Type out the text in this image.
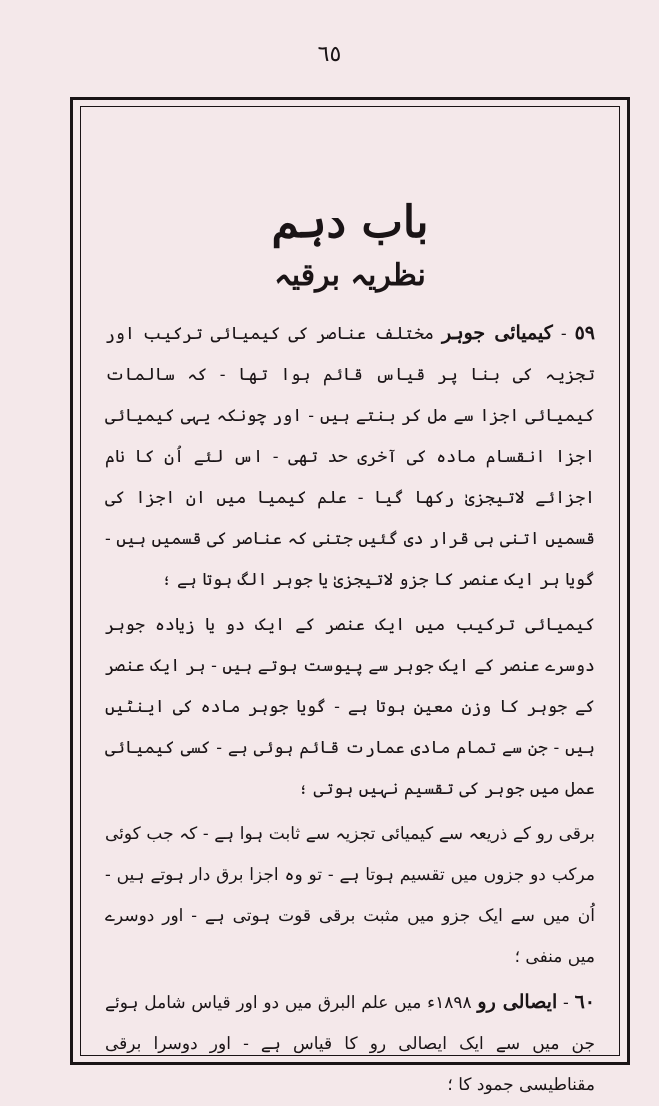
٦٥
باب دہم
نظریہ برقیہ

٥٩ - کیمیائی جوہر مختلف عناصر کی کیمیائی ترکیب اور تجزیہ کی بنا پر قیاس قائم ہوا تھا - کہ سالمات کیمیائی اجزا سے مل کر بنتے ہیں - اور چونکہ یہی کیمیائی اجزا انقسام مادہ کی آخری حد تھی - اس لئے اُن کا نام اجزائے لاتیجزیٰ رکھا گیا - علم کیمیا میں ان اجزا کی قسمیں اتنی ہی قرار دی گئیں جتنی کہ عناصر کی قسمیں ہیں - گویا ہر ایک عنصر کا جزو لاتیجزیٰ یا جوہر الگ ہوتا ہے ؛

کیمیائی ترکیب میں ایک عنصر کے ایک دو یا زیادہ جوہر دوسرے عنصر کے ایک جوہر سے پیوست ہوتے ہیں - ہر ایک عنصر کے جوہر کا وزن معین ہوتا ہے - گویا جوہر مادہ کی اینٹیں ہیں - جن سے تمام مادی عمارت قائم ہوئی ہے - کسی کیمیائی عمل میں جوہر کی تقسیم نہیں ہوتی ؛

برقی رو کے ذریعہ سے کیمیائی تجزیہ سے ثابت ہوا ہے - کہ جب کوئی مرکب دو جزوں میں تقسیم ہوتا ہے - تو وہ اجزا برق دار ہوتے ہیں - اُن میں سے ایک جزو میں مثبت برقی قوت ہوتی ہے - اور دوسرے میں منفی ؛

٦٠ - ایصالی رو ١٨٩٨ء میں علم البرق میں دو اور قیاس شامل ہوئے جن میں سے ایک ایصالی رو کا قیاس ہے - اور دوسرا برقی مقناطیسی جمود کا ؛
